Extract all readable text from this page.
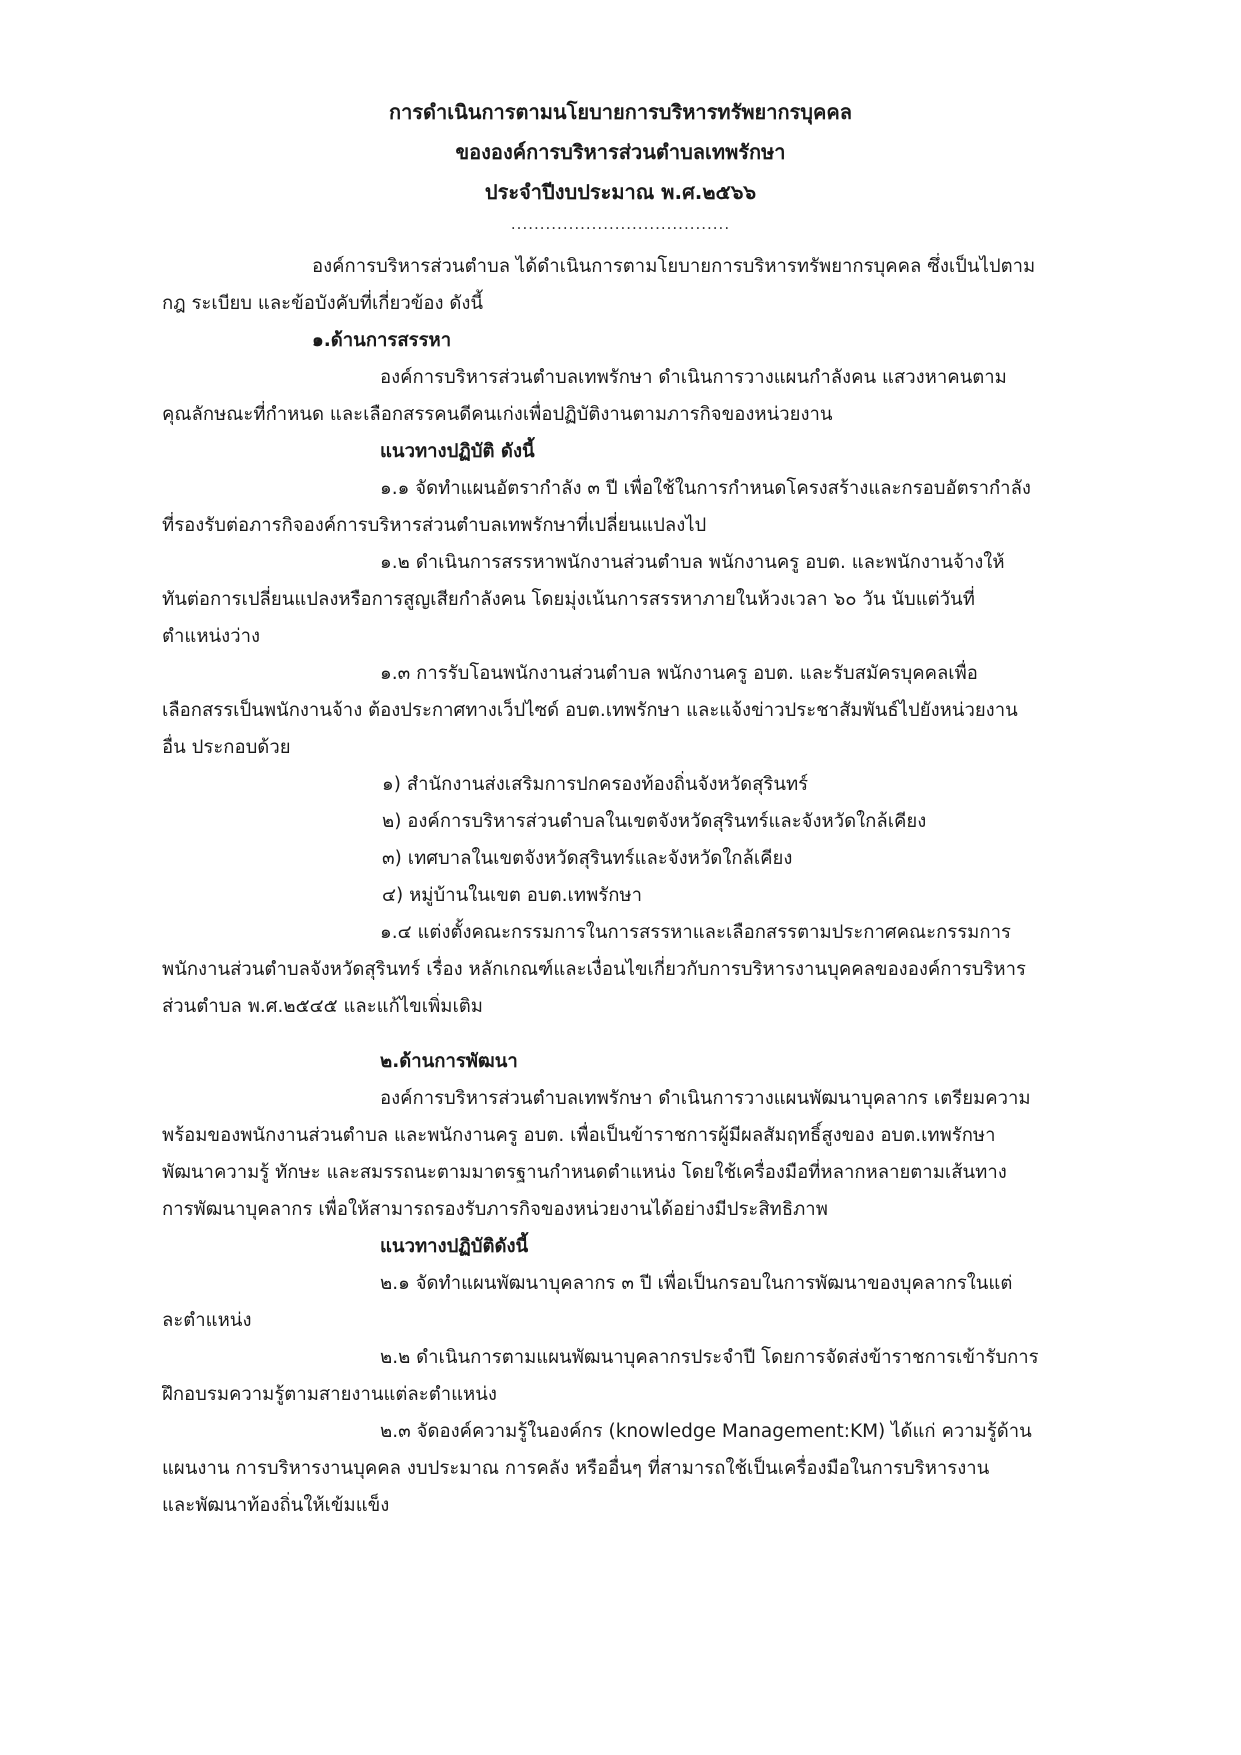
การดำเนินการตามนโยบายการบริหารทรัพยากรบุคคล
ขององค์การบริหารส่วนตำบลเทพรักษา
ประจำปีงบประมาณ พ.ศ.๒๕๖๖
......................................
องค์การบริหารส่วนตำบล ได้ดำเนินการตามโยบายการบริหารทรัพยากรบุคคล ซึ่งเป็นไปตาม
กฎ ระเบียบ และข้อบังคับที่เกี่ยวข้อง ดังนี้
๑.ด้านการสรรหา
องค์การบริหารส่วนตำบลเทพรักษา ดำเนินการวางแผนกำลังคน แสวงหาคนตาม
คุณลักษณะที่กำหนด และเลือกสรรคนดีคนเก่งเพื่อปฏิบัติงานตามภารกิจของหน่วยงาน
แนวทางปฏิบัติ ดังนี้
๑.๑ จัดทำแผนอัตรากำลัง ๓ ปี เพื่อใช้ในการกำหนดโครงสร้างและกรอบอัตรากำลัง
ที่รองรับต่อภารกิจองค์การบริหารส่วนตำบลเทพรักษาที่เปลี่ยนแปลงไป
๑.๒ ดำเนินการสรรหาพนักงานส่วนตำบล พนักงานครู อบต. และพนักงานจ้างให้
ทันต่อการเปลี่ยนแปลงหรือการสูญเสียกำลังคน โดยมุ่งเน้นการสรรหาภายในห้วงเวลา ๖๐ วัน นับแต่วันที่
ตำแหน่งว่าง
๑.๓ การรับโอนพนักงานส่วนตำบล พนักงานครู อบต. และรับสมัครบุคคลเพื่อ
เลือกสรรเป็นพนักงานจ้าง ต้องประกาศทางเว็ปไซด์ อบต.เทพรักษา และแจ้งข่าวประชาสัมพันธ์ไปยังหน่วยงาน
อื่น ประกอบด้วย
๑) สำนักงานส่งเสริมการปกครองท้องถิ่นจังหวัดสุรินทร์
๒) องค์การบริหารส่วนตำบลในเขตจังหวัดสุรินทร์และจังหวัดใกล้เคียง
๓) เทศบาลในเขตจังหวัดสุรินทร์และจังหวัดใกล้เคียง
๔) หมู่บ้านในเขต อบต.เทพรักษา
๑.๔ แต่งตั้งคณะกรรมการในการสรรหาและเลือกสรรตามประกาศคณะกรรมการ
พนักงานส่วนตำบลจังหวัดสุรินทร์ เรื่อง หลักเกณฑ์และเงื่อนไขเกี่ยวกับการบริหารงานบุคคลขององค์การบริหาร
ส่วนตำบล พ.ศ.๒๕๔๕ และแก้ไขเพิ่มเติม
๒.ด้านการพัฒนา
องค์การบริหารส่วนตำบลเทพรักษา ดำเนินการวางแผนพัฒนาบุคลากร เตรียมความ
พร้อมของพนักงานส่วนตำบล และพนักงานครู อบต. เพื่อเป็นข้าราชการผู้มีผลสัมฤทธิ์สูงของ อบต.เทพรักษา
พัฒนาความรู้ ทักษะ และสมรรถนะตามมาตรฐานกำหนดตำแหน่ง โดยใช้เครื่องมือที่หลากหลายตามเส้นทาง
การพัฒนาบุคลากร เพื่อให้สามารถรองรับภารกิจของหน่วยงานได้อย่างมีประสิทธิภาพ
แนวทางปฏิบัติดังนี้
๒.๑ จัดทำแผนพัฒนาบุคลากร ๓ ปี เพื่อเป็นกรอบในการพัฒนาของบุคลากรในแต่
ละตำแหน่ง
๒.๒ ดำเนินการตามแผนพัฒนาบุคลากรประจำปี โดยการจัดส่งข้าราชการเข้ารับการ
ฝึกอบรมความรู้ตามสายงานแต่ละตำแหน่ง
๒.๓ จัดองค์ความรู้ในองค์กร (knowledge Management:KM) ได้แก่ ความรู้ด้าน
แผนงาน การบริหารงานบุคคล งบประมาณ การคลัง หรืออื่นๆ ที่สามารถใช้เป็นเครื่องมือในการบริหารงาน
และพัฒนาท้องถิ่นให้เข้มแข็ง
